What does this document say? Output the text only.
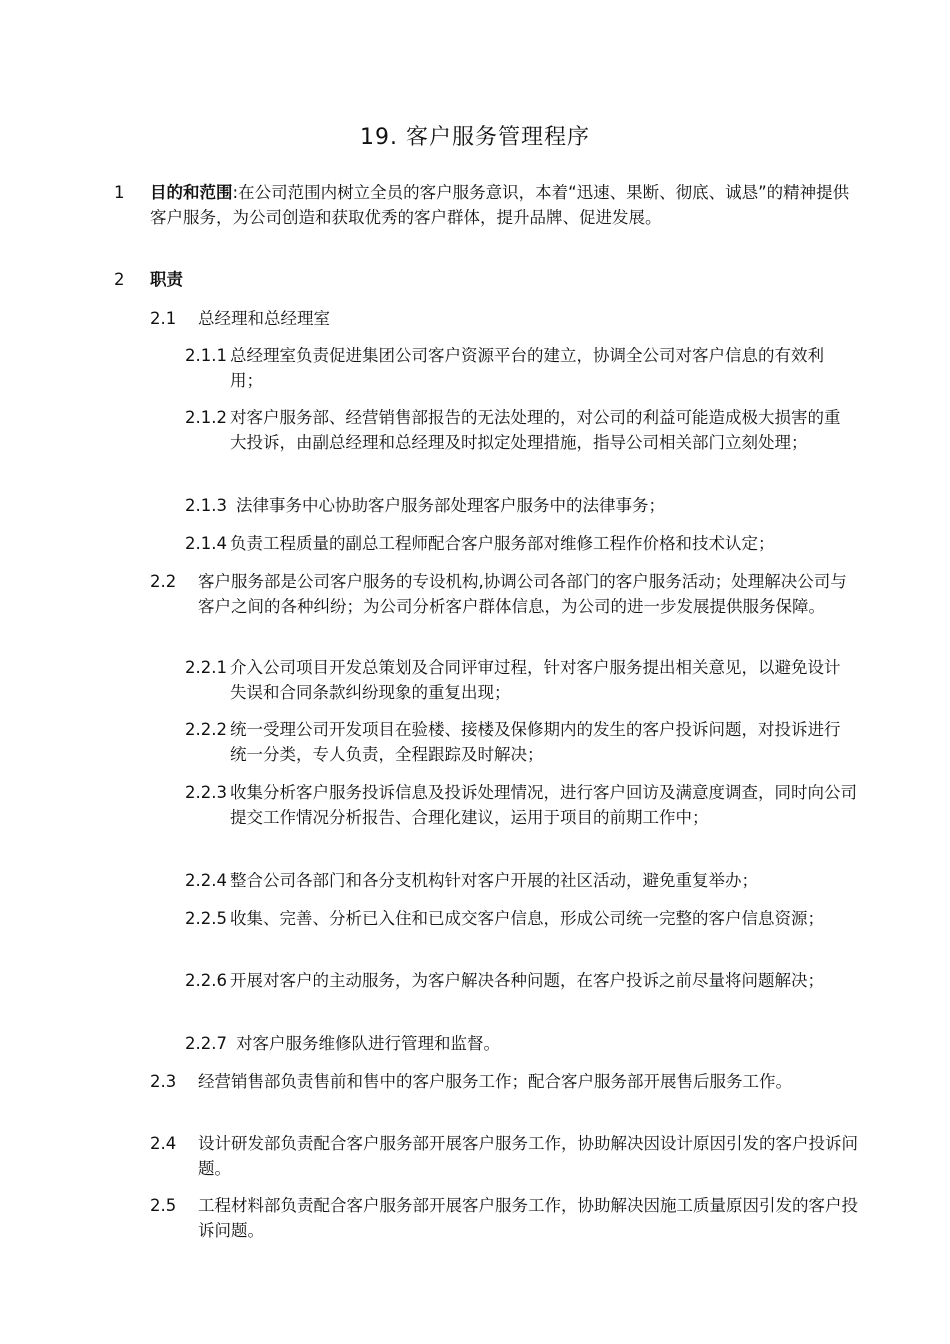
19. 客户服务管理程序
1 目的和范围:在公司范围内树立全员的客户服务意识，本着“迅速、果断、彻底、诚恳”的精神提供客户服务，为公司创造和获取优秀的客户群体，提升品牌、促进发展。
2 职责
2.1 总经理和总经理室
2.1.1 总经理室负责促进集团公司客户资源平台的建立，协调全公司对客户信息的有效利用；
2.1.2 对客户服务部、经营销售部报告的无法处理的，对公司的利益可能造成极大损害的重大投诉，由副总经理和总经理及时拟定处理措施，指导公司相关部门立刻处理；
2.1.3 法律事务中心协助客户服务部处理客户服务中的法律事务；
2.1.4 负责工程质量的副总工程师配合客户服务部对维修工程作价格和技术认定；
2.2 客户服务部是公司客户服务的专设机构,协调公司各部门的客户服务活动；处理解决公司与客户之间的各种纠纷；为公司分析客户群体信息，为公司的进一步发展提供服务保障。
2.2.1 介入公司项目开发总策划及合同评审过程，针对客户服务提出相关意见，以避免设计失误和合同条款纠纷现象的重复出现；
2.2.2 统一受理公司开发项目在验楼、接楼及保修期内的发生的客户投诉问题，对投诉进行统一分类，专人负责，全程跟踪及时解决；
2.2.3 收集分析客户服务投诉信息及投诉处理情况，进行客户回访及满意度调查，同时向公司提交工作情况分析报告、合理化建议，运用于项目的前期工作中；
2.2.4 整合公司各部门和各分支机构针对客户开展的社区活动，避免重复举办；
2.2.5 收集、完善、分析已入住和已成交客户信息，形成公司统一完整的客户信息资源；
2.2.6 开展对客户的主动服务，为客户解决各种问题，在客户投诉之前尽量将问题解决；
2.2.7 对客户服务维修队进行管理和监督。
2.3 经营销售部负责售前和售中的客户服务工作；配合客户服务部开展售后服务工作。
2.4 设计研发部负责配合客户服务部开展客户服务工作，协助解决因设计原因引发的客户投诉问题。
2.5 工程材料部负责配合客户服务部开展客户服务工作，协助解决因施工质量原因引发的客户投诉问题。
